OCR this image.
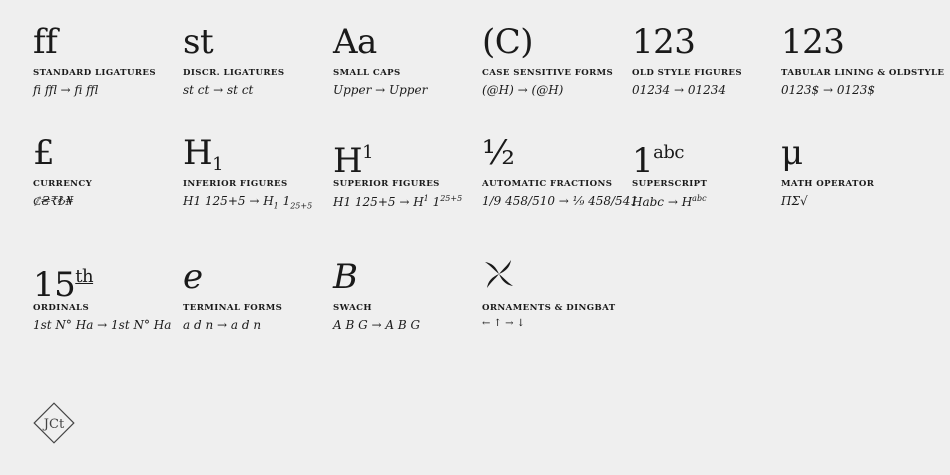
ff
STANDARD LIGATURES
fi ffl → fi ffl
st
DISCR. LIGATURES
st ct → st ct
Aa
SMALL CAPS
Upper → Upper
(C)
CASE SENSITIVE FORMS
(@H) → (@H)
123
OLD STYLE FIGURES
01234 → 01234
123
TABULAR LINING & OLDSTYLE
0123$ → 0123$
£
CURRENCY
₡₴₹₺₦
$H_1$
INFERIOR FIGURES
H1 $125+5 \to H_1$ $1_{25+5}$
$H^1$
SUPERIOR FIGURES
H1 $125+5 \to H^1$ $1^{25+5}$
½
AUTOMATIC FRACTIONS
1/9 458/510 → ⅑ 458/541
$1^{abc}$
SUPERSCRIPT
Habc → $H^{abc}$
μ
MATH OPERATOR
ΠΣ√
15th
ORDINALS
1st N° Ha → 1st N° Ha
e
TERMINAL FORMS
a d n → a d n
B
SWACH
A B G → A B G
ORNAMENTS & DINGBAT
← ↑ → ↓
JCt
